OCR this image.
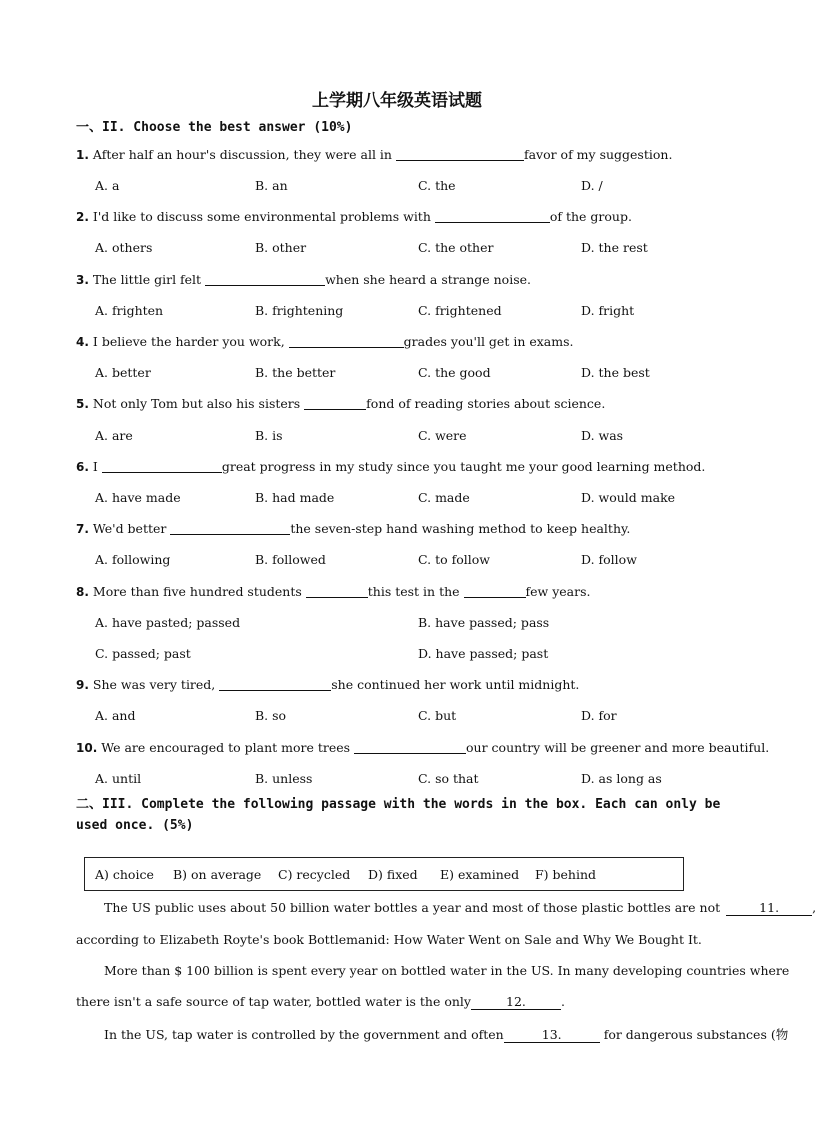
上学期八年级英语试题
一、II. Choose the best answer (10%)
1. After half an hour's discussion, they were all in	favor of my suggestion.
A. a	B. an	C. the	D. /
2. I'd like to discuss some environmental problems with	of the group.
A. others	B. other	C. the other	D. the rest
3. The little girl felt	when she heard a strange noise.
A. frighten	B. frightening	C. frightened	D. fright
4. I believe the harder you work,	grades you'll get in exams.
A. better	B. the better	C. the good	D. the best
5. Not only Tom but also his sisters	fond of reading stories about science.
A. are	B. is	C. were	D. was
6. I	great progress in my study since you taught me your good learning method.
A. have made	B. had made	C. made	D. would make
7. We'd better	the seven-step hand washing method to keep healthy.
A. following	B. followed	C. to follow	D. follow
8. More than five hundred students	this test in the	few years.
A. have pasted; passed	B. have passed; pass
C. passed; past	D. have passed; past
9. She was very tired,	she continued her work until midnight.
A. and	B. so	C. but	D. for
10. We are encouraged to plant more trees	our country will be greener and more beautiful.
A. until	B. unless	C. so that	D. as long as
二、III. Complete the following passage with the words in the box. Each can only be
used once. (5%)
A) choice B) on average C) recycled D) fixed E) examined F) behind
The US public uses about 50 billion water bottles a year and most of those plastic bottles are not	11.	,
according to Elizabeth Royte's book Bottlemanid: How Water Went on Sale and Why We Bought It.
More than $ 100 billion is spent every year on bottled water in the US. In many developing countries where
there isn't a safe source of tap water, bottled water is the only	12.	.
In the US, tap water is controlled by the government and often	13.	for dangerous substances (物
